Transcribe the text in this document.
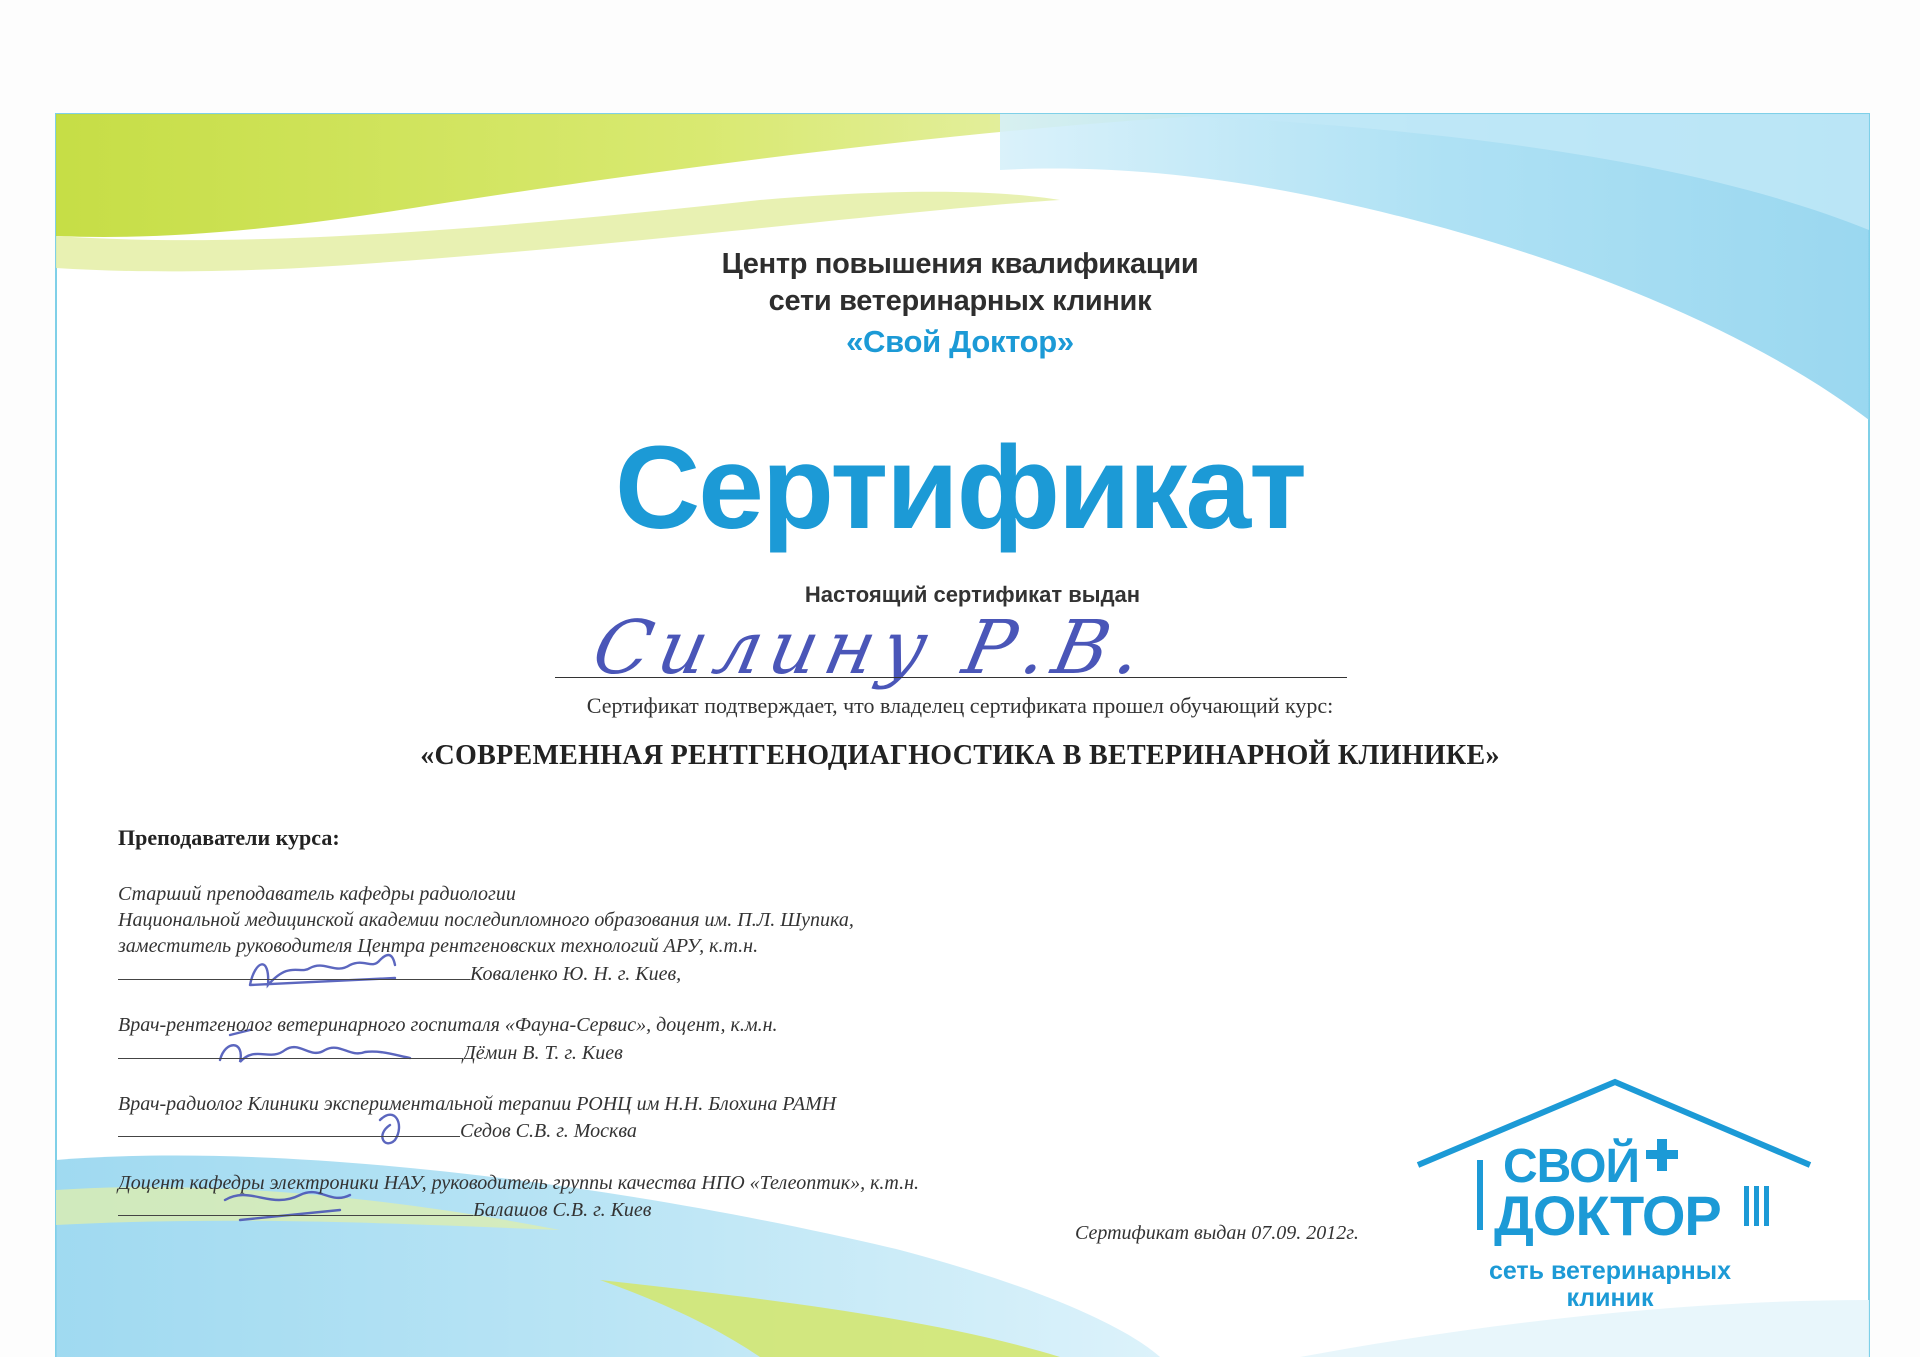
Центр повышения квалификации
сети ветеринарных клиник
«Свой Доктор»
Сертификат
Настоящий сертификат выдан
Силину Р.В.
Сертификат подтверждает, что владелец сертификата прошел обучающий курс:
«СОВРЕМЕННАЯ РЕНТГЕНОДИАГНОСТИКА В ВЕТЕРИНАРНОЙ КЛИНИКЕ»
Преподаватели курса:
Старший преподаватель кафедры радиологии
Национальной медицинской академии последипломного образования им. П.Л. Шупика,
заместитель руководителя Центра рентгеновских технологий АРУ, к.т.н.
Коваленко Ю. Н. г. Киев,
Врач-рентгенолог ветеринарного госпиталя «Фауна-Сервис», доцент, к.м.н.
Дёмин В. Т. г. Киев
Врач-радиолог Клиники экспериментальной терапии РОНЦ им Н.Н. Блохина РАМН
Седов С.В. г. Москва
Доцент кафедры электроники НАУ, руководитель группы качества НПО «Телеоптик», к.т.н.
Балашов С.В. г. Киев
Сертификат выдан 07.09. 2012г.
СВОЙ
ДОКТОР
сеть ветеринарных
клиник
